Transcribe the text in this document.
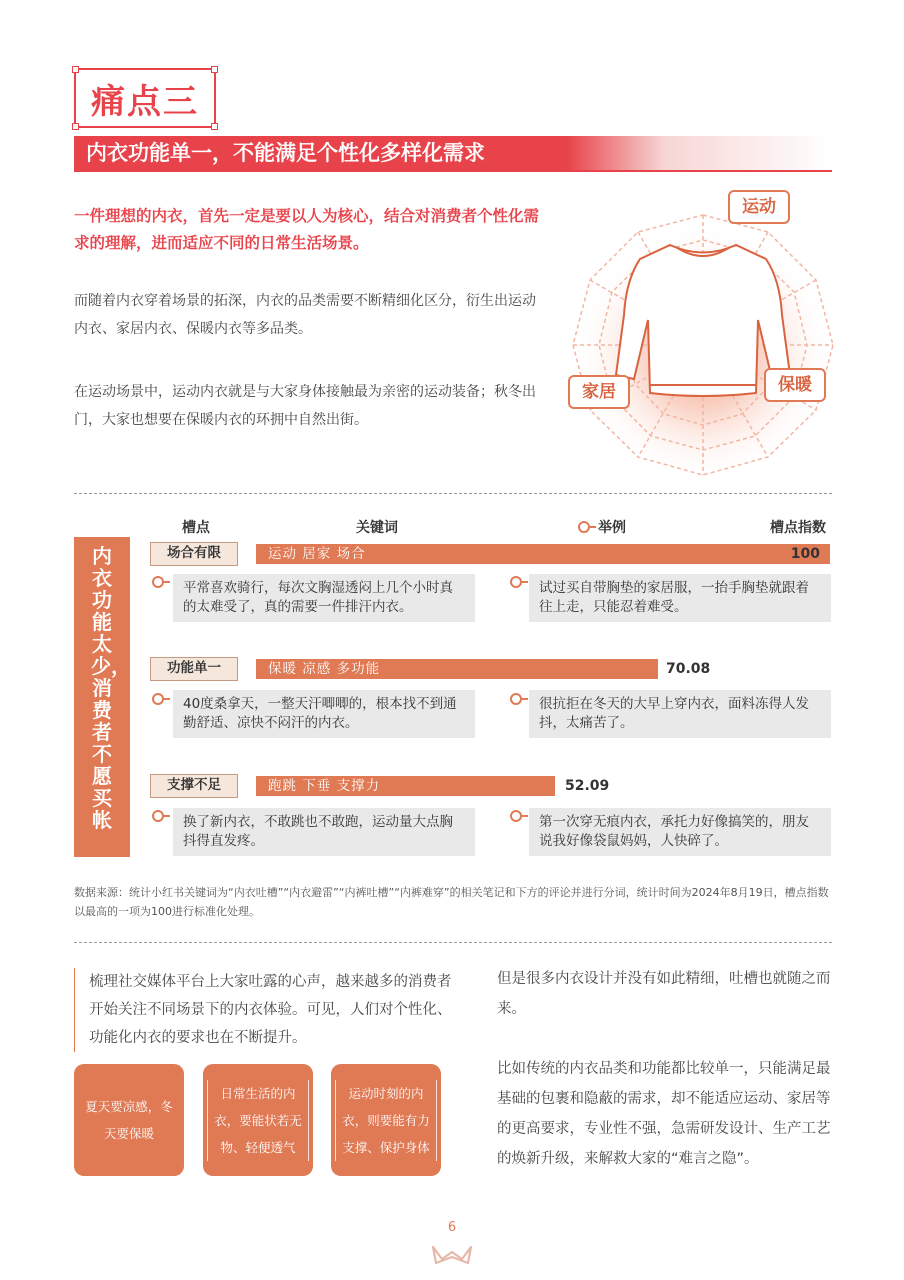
痛点三
内衣功能单一，不能满足个性化多样化需求
一件理想的内衣，首先一定是要以人为核心，结合对消费者个性化需求的理解，进而适应不同的日常生活场景。
而随着内衣穿着场景的拓深，内衣的品类需要不断精细化区分，衍生出运动内衣、家居内衣、保暖内衣等多品类。
在运动场景中，运动内衣就是与大家身体接触最为亲密的运动装备；秋冬出门，大家也想要在保暖内衣的环拥中自然出街。
运动
家居	保暖
槽点	关键词	举例	槽点指数
内衣功能太少，消费者不愿买帐
场合有限	运动 居家 场合	100
平常喜欢骑行，每次文胸湿透闷上几个小时真的太难受了，真的需要一件排汗内衣。
试过买自带胸垫的家居服，一抬手胸垫就跟着往上走，只能忍着难受。
功能单一	保暖 凉感 多功能	70.08
40度桑拿天，一整天汗唧唧的，根本找不到通勤舒适、凉快不闷汗的内衣。
很抗拒在冬天的大早上穿内衣，面料冻得人发抖，太痛苦了。
支撑不足	跑跳 下垂 支撑力	52.09
换了新内衣，不敢跳也不敢跑，运动量大点胸抖得直发疼。
第一次穿无痕内衣，承托力好像搞笑的，朋友说我好像袋鼠妈妈，人快碎了。
数据来源：统计小红书关键词为“内衣吐槽”“内衣避雷”“内裤吐槽”“内裤难穿”的相关笔记和下方的评论并进行分词，统计时间为2024年8月19日，槽点指数以最高的一项为100进行标准化处理。
梳理社交媒体平台上大家吐露的心声，越来越多的消费者开始关注不同场景下的内衣体验。可见，人们对个性化、功能化内衣的要求也在不断提升。
夏天要凉感，冬天要保暖
日常生活的内衣，要能状若无物、轻便透气
运动时刻的内衣，则要能有力支撑、保护身体
但是很多内衣设计并没有如此精细，吐槽也就随之而来。
比如传统的内衣品类和功能都比较单一，只能满足最基础的包裹和隐蔽的需求，却不能适应运动、家居等的更高要求，专业性不强，急需研发设计、生产工艺的焕新升级，来解救大家的“难言之隐”。
6
